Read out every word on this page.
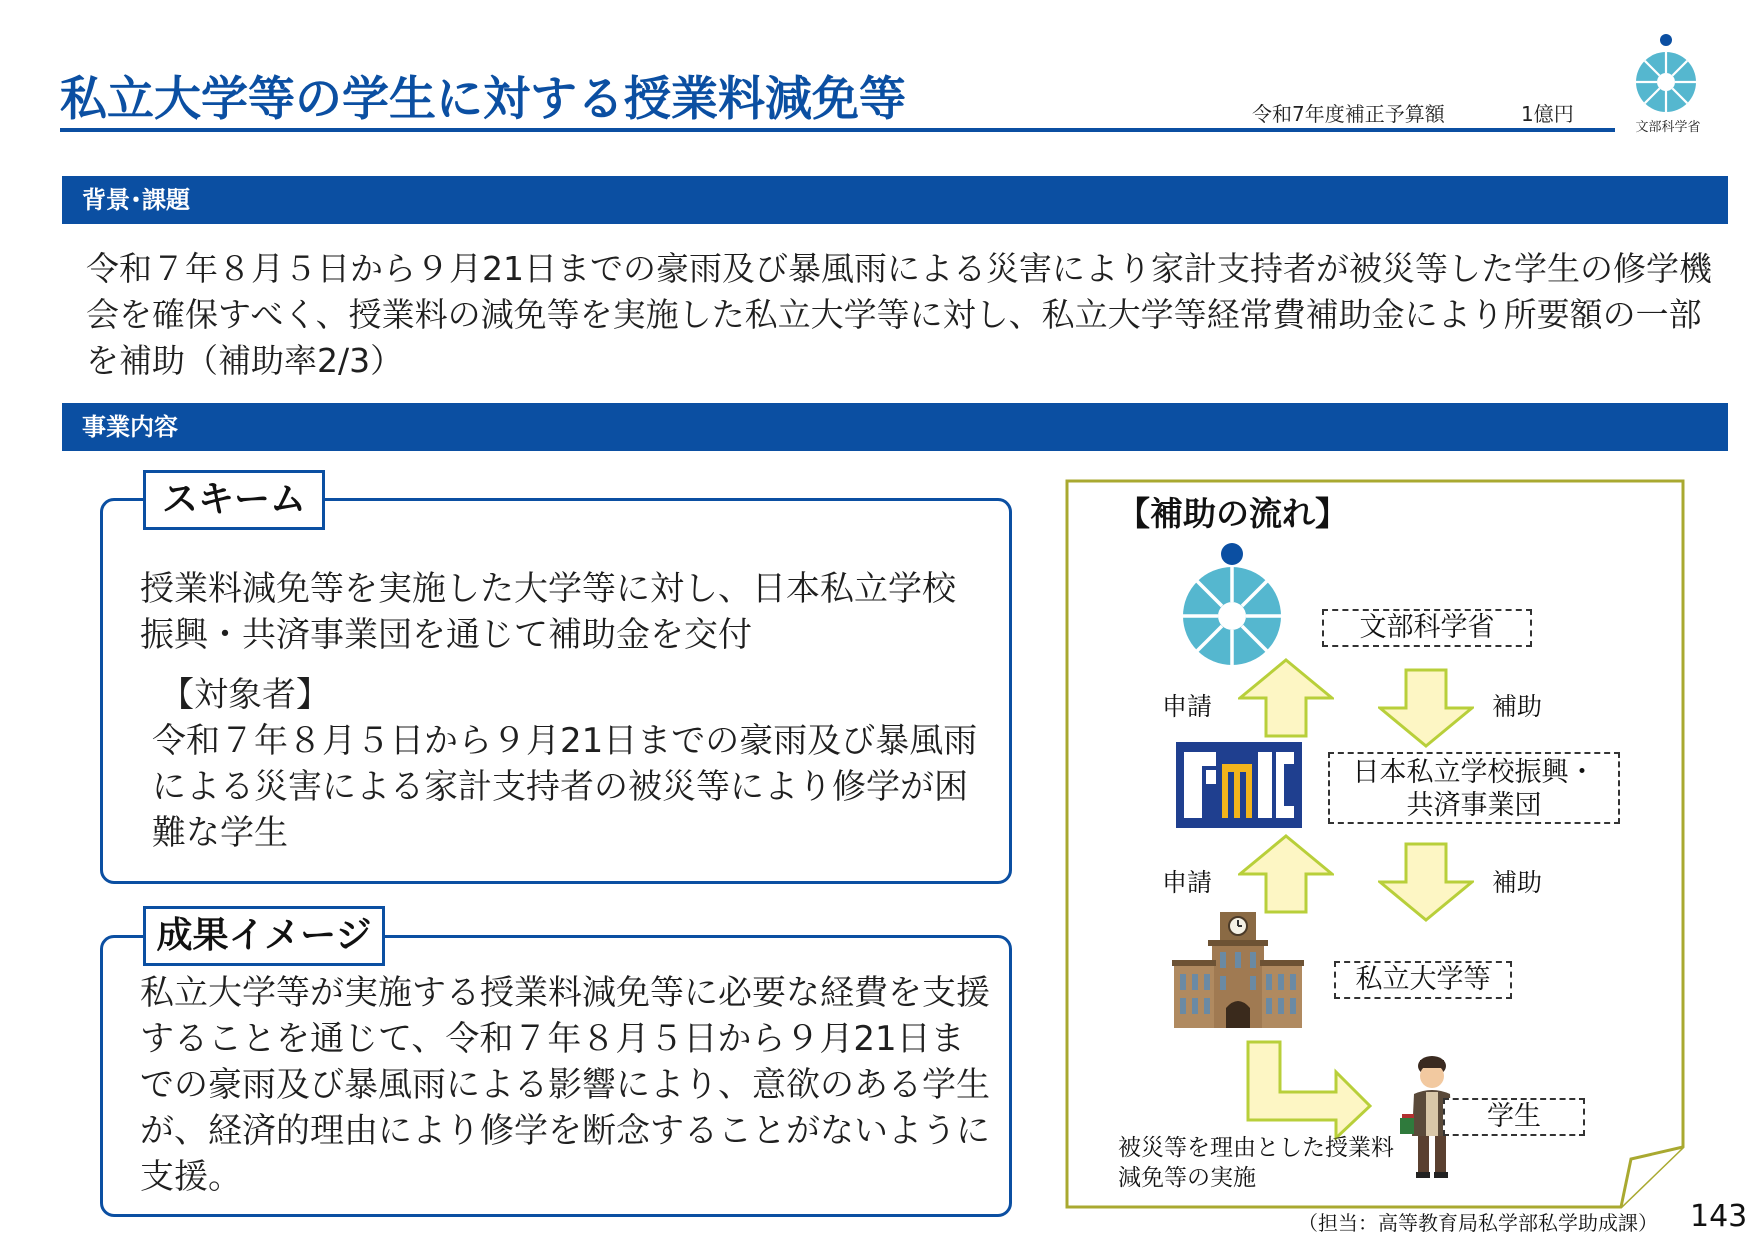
私立大学等の学生に対する授業料減免等	令和7年度補正予算額	1億円
文部科学省
背景･課題
令和７年８月５日から９月21日までの豪雨及び暴風雨による災害により家計支持者が被災等した学生の修学機会を確保すべく、授業料の減免等を実施した私立大学等に対し、私立大学等経常費補助金により所要額の一部を補助（補助率2/3）
事業内容
スキーム
授業料減免等を実施した大学等に対し、日本私立学校振興・共済事業団を通じて補助金を交付
【対象者】
令和７年８月５日から９月21日までの豪雨及び暴風雨による災害による家計支持者の被災等により修学が困難な学生
成果イメージ
私立大学等が実施する授業料減免等に必要な経費を支援することを通じて、令和７年８月５日から９月21日までの豪雨及び暴風雨による影響により、意欲のある学生が、経済的理由により修学を断念することがないように支援。
【補助の流れ】
文部科学省
申請	補助
日本私立学校振興・
共済事業団
申請	補助
私立大学等
学生
被災等を理由とした授業料
減免等の実施
（担当：高等教育局私学部私学助成課） 143
